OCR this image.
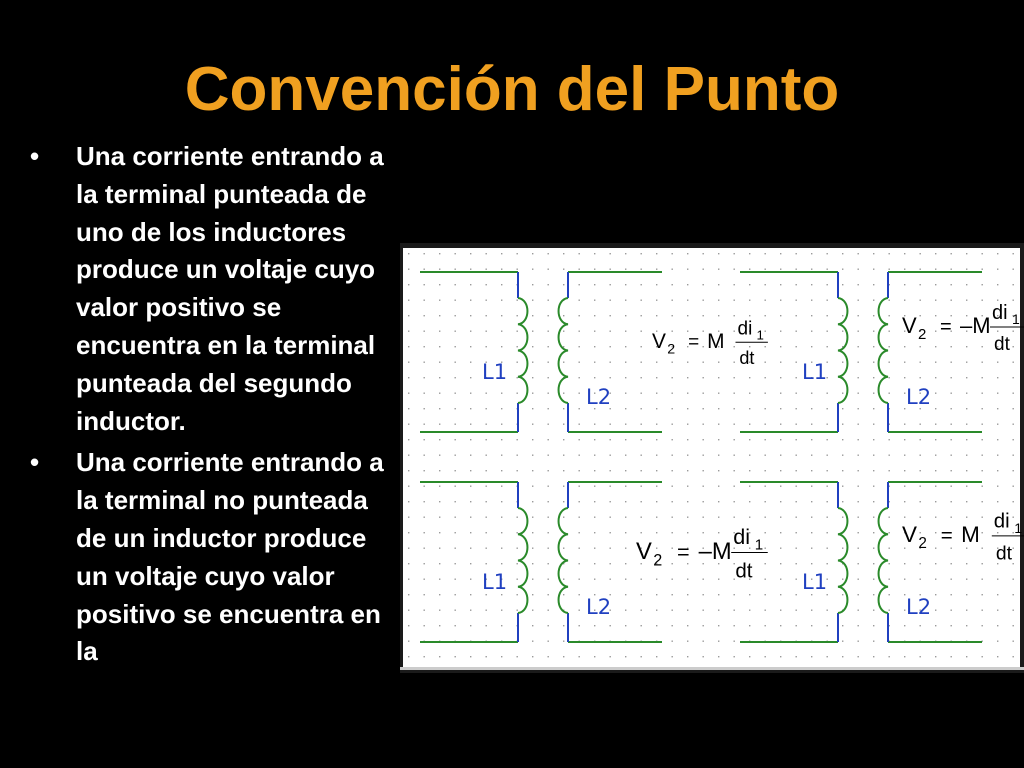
Convención del Punto
• Una corriente entrando a la terminal punteada de uno de los inductores produce un voltaje cuyo valor positivo se encuentra en la terminal punteada del segundo inductor.
• Una corriente entrando a la terminal no punteada de un inductor produce un voltaje cuyo valor positivo se encuentra en la
L1
L2
L1
L2
L1
L2
L1
L2
V 2 = M
di 1
dt
V 2 = –M di 1
dt
V 2 = –M
di 1
dt
V 2 = M
di 1
dt
